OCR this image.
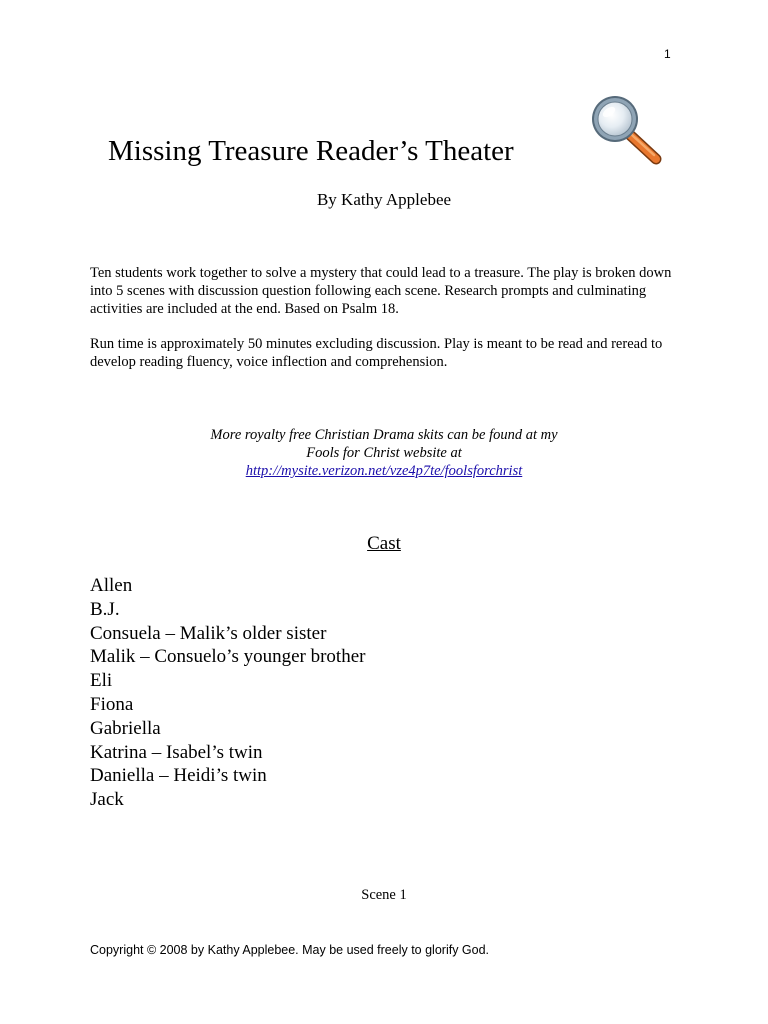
1
Missing Treasure Reader’s Theater
By Kathy Applebee

Ten students work together to solve a mystery that could lead to a treasure. The play is broken down into 5 scenes with discussion question following each scene. Research prompts and culminating activities are included at the end. Based on Psalm 18.

Run time is approximately 50 minutes excluding discussion. Play is meant to be read and reread to develop reading fluency, voice inflection and comprehension.

More royalty free Christian Drama skits can be found at my
Fools for Christ website at
http://mysite.verizon.net/vze4p7te/foolsforchrist
Cast
Allen
B.J.
Consuela – Malik’s older sister
Malik – Consuelo’s younger brother
Eli
Fiona
Gabriella
Katrina – Isabel’s twin
Daniella – Heidi’s twin
Jack
Scene 1
Copyright © 2008 by Kathy Applebee. May be used freely to glorify God.
